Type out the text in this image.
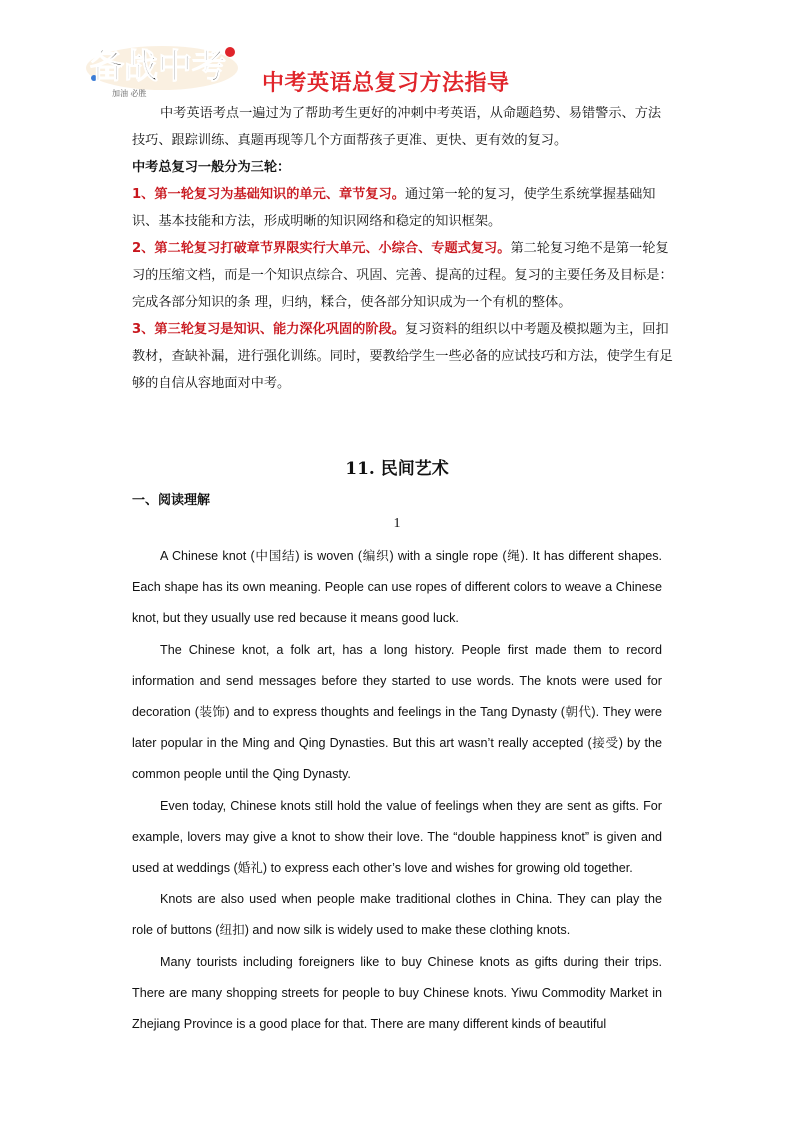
备战中考
加油 必胜	中考英语总复习方法指导

中考英语考点一遍过为了帮助考生更好的冲刺中考英语，从命题趋势、易错警示、方法技巧、跟踪训练、真题再现等几个方面帮孩子更准、更快、更有效的复习。

中考总复习一般分为三轮：

1、第一轮复习为基础知识的单元、章节复习。通过第一轮的复习，使学生系统掌握基础知识、基本技能和方法，形成明晰的知识网络和稳定的知识框架。

2、第二轮复习打破章节界限实行大单元、小综合、专题式复习。第二轮复习绝不是第一轮复习的压缩文档，而是一个知识点综合、巩固、完善、提高的过程。复习的主要任务及目标是：完成各部分知识的条 理，归纳，糅合，使各部分知识成为一个有机的整体。

3、第三轮复习是知识、能力深化巩固的阶段。复习资料的组织以中考题及模拟题为主，回扣教材，查缺补漏，进行强化训练。同时，要教给学生一些必备的应试技巧和方法，使学生有足够的自信从容地面对中考。

11. 民间艺术
一、阅读理解
1

A Chinese knot (中国结) is woven (编织) with a single rope (绳). It has different shapes. Each shape has its own meaning. People can use ropes of different colors to weave a Chinese knot, but they usually use red because it means good luck.

The Chinese knot, a folk art, has a long history. People first made them to record information and send messages before they started to use words. The knots were used for decoration (装饰) and to express thoughts and feelings in the Tang Dynasty (朝代). They were later popular in the Ming and Qing Dynasties. But this art wasn’t really accepted (接受) by the common people until the Qing Dynasty.

Even today, Chinese knots still hold the value of feelings when they are sent as gifts. For example, lovers may give a knot to show their love. The “double happiness knot” is given and used at weddings (婚礼) to express each other’s love and wishes for growing old together.

Knots are also used when people make traditional clothes in China. They can play the role of buttons (纽扣) and now silk is widely used to make these clothing knots.

Many tourists including foreigners like to buy Chinese knots as gifts during their trips. There are many shopping streets for people to buy Chinese knots. Yiwu Commodity Market in Zhejiang Province is a good place for that. There are many different kinds of beautiful
